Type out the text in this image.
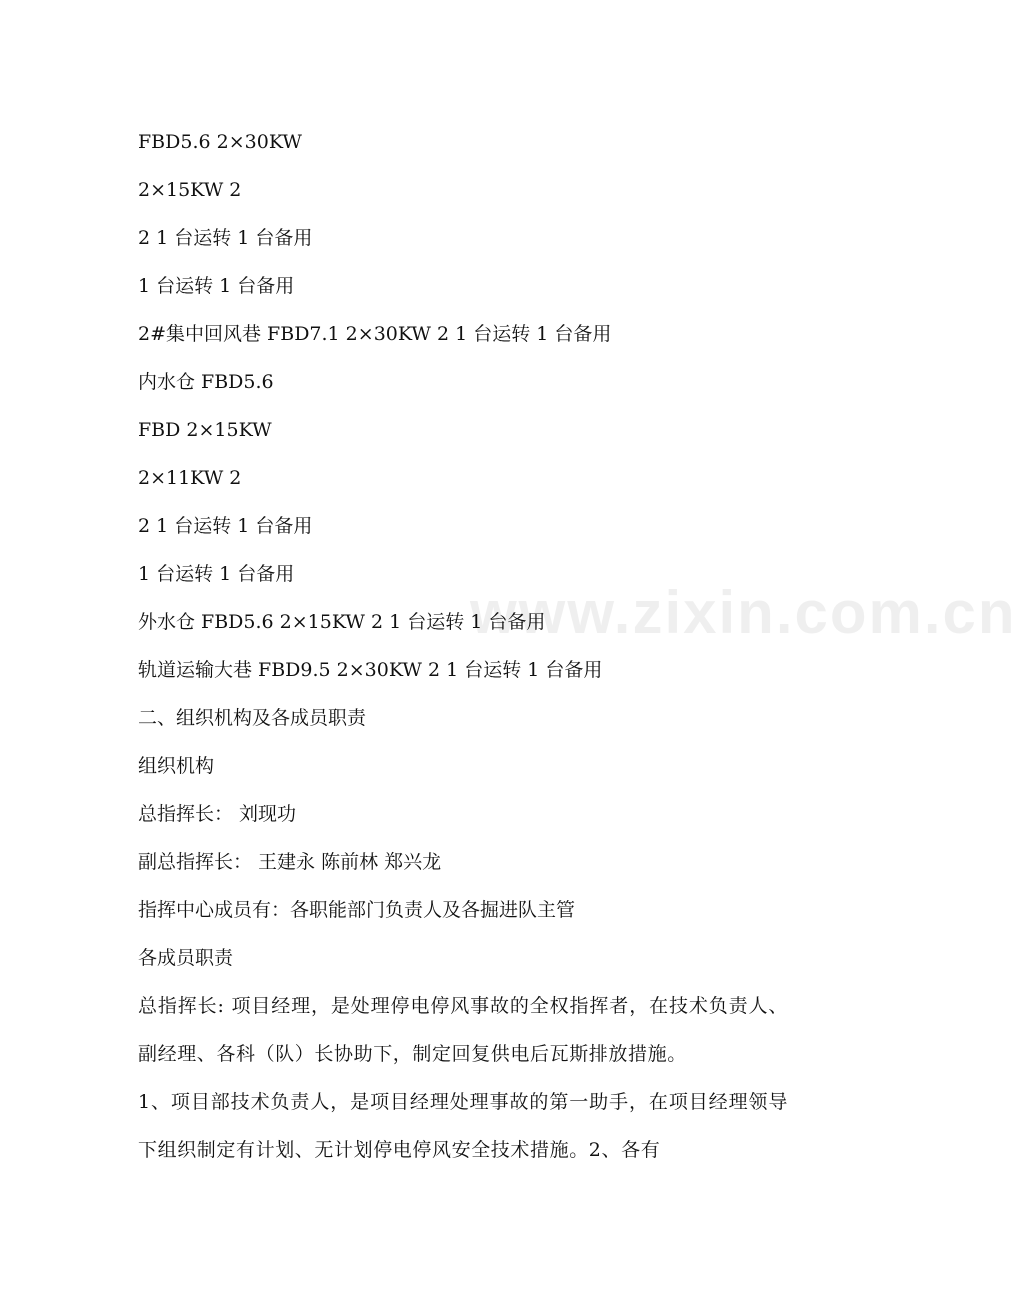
FBD5.6 2×30KW
2×15KW 2
2 1 台运转 1 台备用
1 台运转 1 台备用
2#集中回风巷 FBD7.1 2×30KW 2 1 台运转 1 台备用
内水仓 FBD5.6
FBD 2×15KW
2×11KW 2
2 1 台运转 1 台备用
1 台运转 1 台备用
外水仓 FBD5.6 2×15KW 2 1 台运转 1 台备用
轨道运输大巷 FBD9.5 2×30KW 2 1 台运转 1 台备用
二、组织机构及各成员职责
组织机构
总指挥长： 刘现功
副总指挥长： 王建永 陈前林 郑兴龙
指挥中心成员有：各职能部门负责人及各掘进队主管
各成员职责
总指挥长: 项目经理，是处理停电停风事故的全权指挥者，在技术负责人、副经理、各科（队）长协助下，制定回复供电后瓦斯排放措施。
1、项目部技术负责人，是项目经理处理事故的第一助手，在项目经理领导下组织制定有计划、无计划停电停风安全技术措施。2、各有
www.zixin.com.cn
